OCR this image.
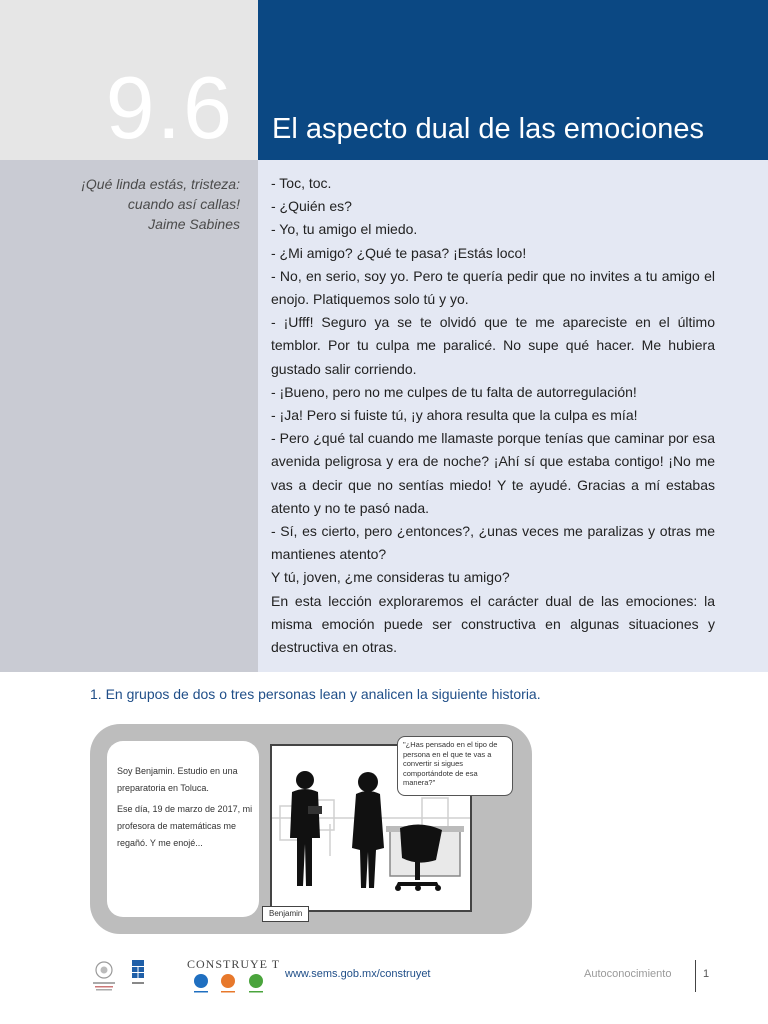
9.6 El aspecto dual de las emociones
¡Qué linda estás, tristeza:
cuando así callas!
Jaime Sabines
- Toc, toc.
- ¿Quién es?
- Yo, tu amigo el miedo.
- ¿Mi amigo? ¿Qué te pasa? ¡Estás loco!
- No, en serio, soy yo. Pero te quería pedir que no invites a tu amigo el enojo. Platiquemos solo tú y yo.
- ¡Ufff! Seguro ya se te olvidó que te me apareciste en el último temblor. Por tu culpa me paralicé. No supe qué hacer. Me hubiera gustado salir corriendo.
- ¡Bueno, pero no me culpes de tu falta de autorregulación!
- ¡Ja! Pero si fuiste tú, ¡y ahora resulta que la culpa es mía!
- Pero ¿qué tal cuando me llamaste porque tenías que caminar por esa avenida peligrosa y era de noche? ¡Ahí sí que estaba contigo! ¡No me vas a decir que no sentías miedo! Y te ayudé. Gracias a mí estabas atento y no te pasó nada.
- Sí, es cierto, pero ¿entonces?, ¿unas veces me paralizas y otras me mantienes atento?
Y tú, joven, ¿me consideras tu amigo?
En esta lección exploraremos el carácter dual de las emociones: la misma emoción puede ser constructiva en algunas situaciones y destructiva en otras.
1. En grupos de dos o tres personas lean y analicen la siguiente historia.

Soy Benjamin. Estudio en una preparatoria en Toluca.

Ese día, 19 de marzo de 2017, mi profesora de matemáticas me regañó. Y me enojé...

"¿Has pensado en el tipo de persona en el que te vas a convertir si sigues comportándote de esa manera?"
Benjamin
CONSTRUYE T
www.sems.gob.mx/construyet	Autoconocimiento	1
